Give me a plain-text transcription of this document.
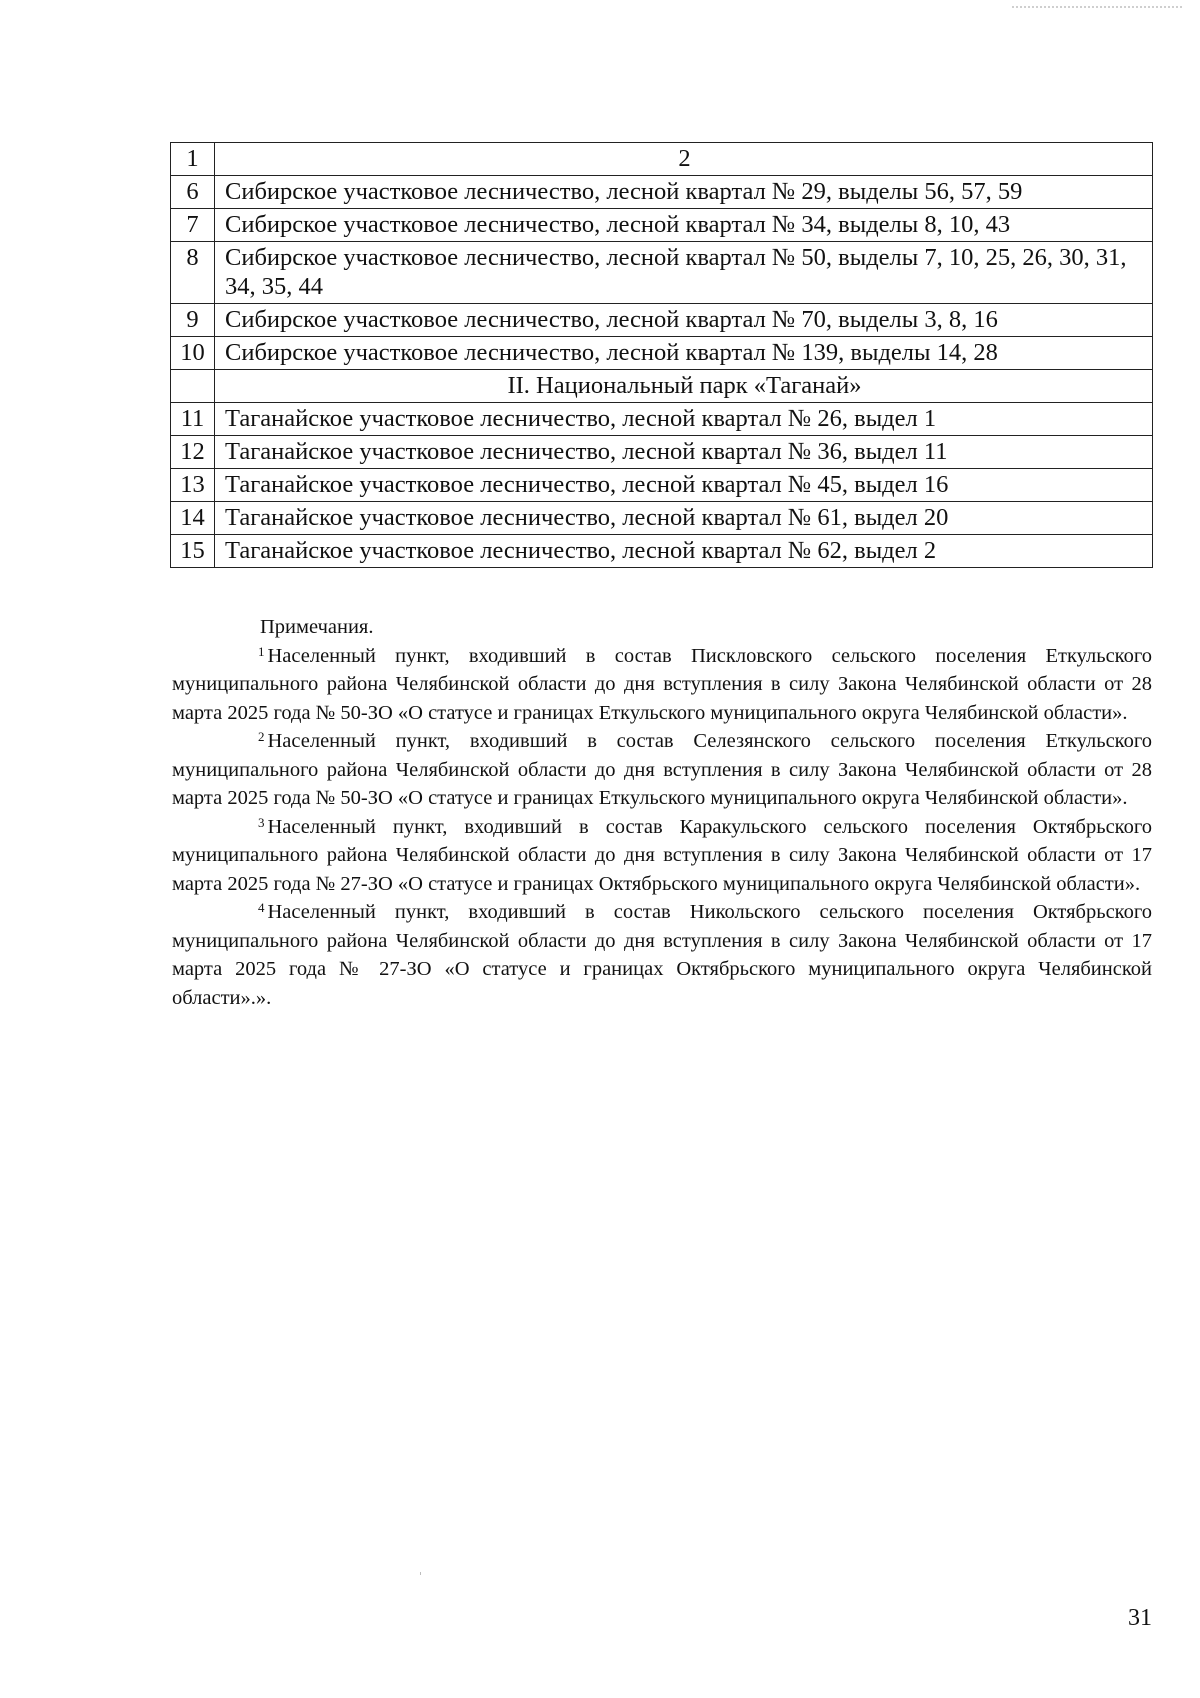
1	2
6	Сибирское участковое лесничество, лесной квартал № 29, выделы 56, 57, 59
7	Сибирское участковое лесничество, лесной квартал № 34, выделы 8, 10, 43
8	Сибирское участковое лесничество, лесной квартал № 50, выделы 7, 10, 25, 26, 30, 31, 34, 35, 44
9	Сибирское участковое лесничество, лесной квартал № 70, выделы 3, 8, 16
10	Сибирское участковое лесничество, лесной квартал № 139, выделы 14, 28
	II. Национальный парк «Таганай»
11	Таганайское участковое лесничество, лесной квартал № 26, выдел 1
12	Таганайское участковое лесничество, лесной квартал № 36, выдел 11
13	Таганайское участковое лесничество, лесной квартал № 45, выдел 16
14	Таганайское участковое лесничество, лесной квартал № 61, выдел 20
15	Таганайское участковое лесничество, лесной квартал № 62, выдел 2
Примечания.

$^1$ Населенный пункт, входивший в состав Пискловского сельского поселения Еткульского муниципального района Челябинской области до дня вступления в силу Закона Челябинской области от 28 марта 2025 года № 50-ЗО «О статусе и границах Еткульского муниципального округа Челябинской области».

$^2$ Населенный пункт, входивший в состав Селезянского сельского поселения Еткульского муниципального района Челябинской области до дня вступления в силу Закона Челябинской области от 28 марта 2025 года № 50-ЗО «О статусе и границах Еткульского муниципального округа Челябинской области».

$^3$ Населенный пункт, входивший в состав Каракульского сельского поселения Октябрьского муниципального района Челябинской области до дня вступления в силу Закона Челябинской области от 17 марта 2025 года № 27-ЗО «О статусе и границах Октябрьского муниципального округа Челябинской области».

$^4$ Населенный пункт, входивший в состав Никольского сельского поселения Октябрьского муниципального района Челябинской области до дня вступления в силу Закона Челябинской области от 17 марта 2025 года № 27-ЗО «О статусе и границах Октябрьского муниципального округа Челябинской области».».

31
